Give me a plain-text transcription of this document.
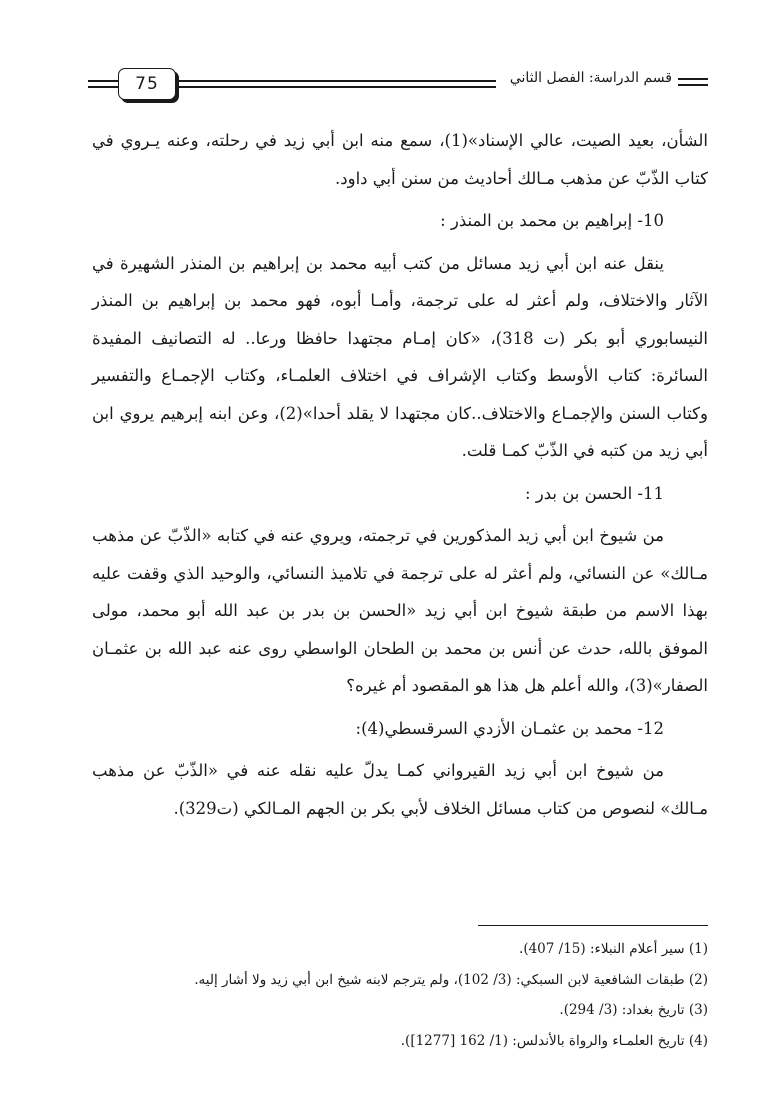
قسم الدراسة: الفصل الثاني
75

الشأن، بعيد الصيت، عالي الإسناد»(1)، سمع منه ابن أبي زيد في رحلته، وعنه يـروي في كتاب الذّبّ عن مذهب مـالك أحاديث من سنن أبي داود.

10- إبراهيم بن محمد بن المنذر :

ينقل عنه ابن أبي زيد مسائل من كتب أبيه محمد بن إبراهيم بن المنذر الشهيرة في الآثار والاختلاف، ولم أعثر له على ترجمة، وأمـا أبوه، فهو محمد بن إبراهيم بن المنذر النيسابوري أبو بكر (ت 318)، «كان إمـام مجتهدا حافظا ورعا.. له التصانيف المفيدة السائرة: كتاب الأوسط وكتاب الإشراف في اختلاف العلمـاء، وكتاب الإجمـاع والتفسير وكتاب السنن والإجمـاع والاختلاف..كان مجتهدا لا يقلد أحدا»(2)، وعن ابنه إبرهيم يروي ابن أبي زيد من كتبه في الذّبّ كمـا قلت.

11- الحسن بن بدر :

من شيوخ ابن أبي زيد المذكورين في ترجمته، ويروي عنه في كتابه «الذّبّ عن مذهب مـالك» عن النسائي، ولم أعثر له على ترجمة في تلاميذ النسائي، والوحيد الذي وقفت عليه بهذا الاسم من طبقة شيوخ ابن أبي زيد «الحسن بن بدر بن عبد الله أبو محمد، مولى الموفق بالله، حدث عن أنس بن محمد بن الطحان الواسطي روى عنه عبد الله بن عثمـان الصفار»(3)، والله أعلم هل هذا هو المقصود أم غيره؟

12- محمد بن عثمـان الأزدي السرقسطي(4):

من شيوخ ابن أبي زيد القيرواني كمـا يدلّ عليه نقله عنه في «الذّبّ عن مذهب مـالك» لنصوص من كتاب مسائل الخلاف لأبي بكر بن الجهم المـالكي (ت329).

(1) سير أعلام النبلاء: (15/ 407).
(2) طبقات الشافعية لابن السبكي: (3/ 102)، ولم يترجم لابنه شيخ ابن أبي زيد ولا أشار إليه.
(3) تاريخ بغداد: (3/ 294).
(4) تاريخ العلمـاء والرواة بالأندلس: (1/ 162 [1277]).
